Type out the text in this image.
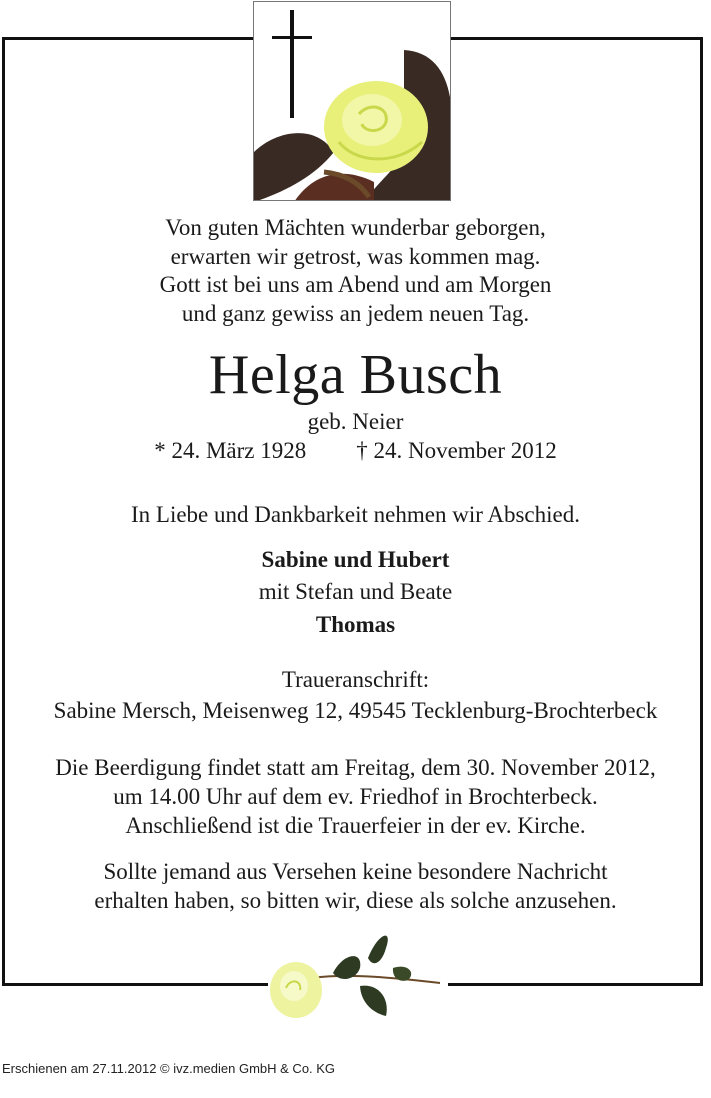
Von guten Mächten wunderbar geborgen,
erwarten wir getrost, was kommen mag.
Gott ist bei uns am Abend und am Morgen
und ganz gewiss an jedem neuen Tag.
Helga Busch
geb. Neier
* 24. März 1928 † 24. November 2012
In Liebe und Dankbarkeit nehmen wir Abschied.
Sabine und Hubert
mit Stefan und Beate
Thomas
Traueranschrift:
Sabine Mersch, Meisenweg 12, 49545 Tecklenburg-Brochterbeck
Die Beerdigung findet statt am Freitag, dem 30. November 2012,
um 14.00 Uhr auf dem ev. Friedhof in Brochterbeck.
Anschließend ist die Trauerfeier in der ev. Kirche.
Sollte jemand aus Versehen keine besondere Nachricht
erhalten haben, so bitten wir, diese als solche anzusehen.
Erschienen am 27.11.2012 © ivz.medien GmbH & Co. KG
